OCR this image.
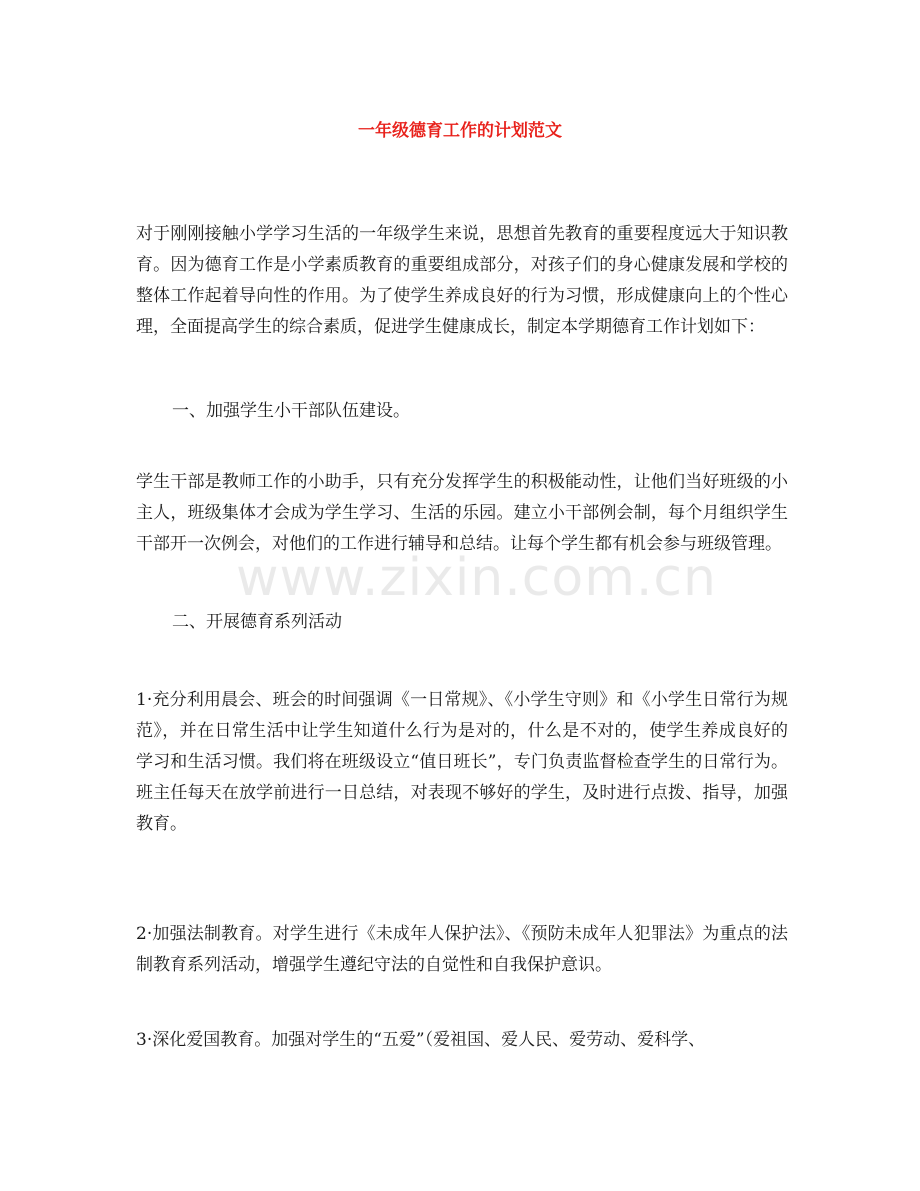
一年级德育工作的计划范文

对于刚刚接触小学学习生活的一年级学生来说，思想首先教育的重要程度远大于知识教育。因为德育工作是小学素质教育的重要组成部分，对孩子们的身心健康发展和学校的整体工作起着导向性的作用。为了使学生养成良好的行为习惯，形成健康向上的个性心理，全面提高学生的综合素质，促进学生健康成长，制定本学期德育工作计划如下：

一、加强学生小干部队伍建设。

学生干部是教师工作的小助手，只有充分发挥学生的积极能动性，让他们当好班级的小主人，班级集体才会成为学生学习、生活的乐园。建立小干部例会制，每个月组织学生干部开一次例会，对他们的工作进行辅导和总结。让每个学生都有机会参与班级管理。

二、开展德育系列活动

1·充分利用晨会、班会的时间强调《一日常规》、《小学生守则》和《小学生日常行为规范》，并在日常生活中让学生知道什么行为是对的，什么是不对的，使学生养成良好的学习和生活习惯。我们将在班级设立“值日班长”，专门负责监督检查学生的日常行为。班主任每天在放学前进行一日总结，对表现不够好的学生，及时进行点拨、指导，加强教育。

2·加强法制教育。对学生进行《未成年人保护法》、《预防未成年人犯罪法》为重点的法制教育系列活动，增强学生遵纪守法的自觉性和自我保护意识。

3·深化爱国教育。加强对学生的“五爱”（爱祖国、爱人民、爱劳动、爱科学、

www.zixin.com.cn
